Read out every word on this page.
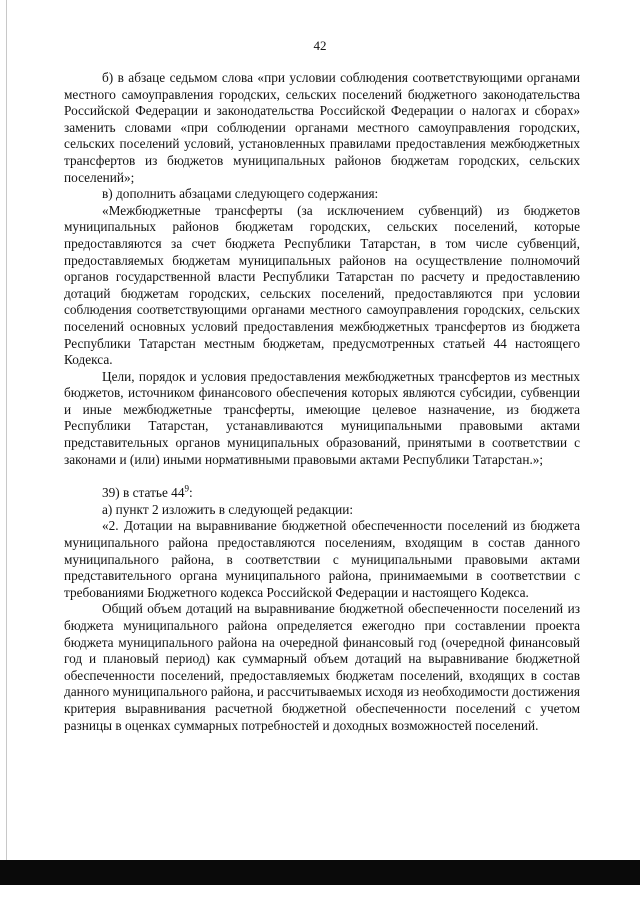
42

б) в абзаце седьмом слова «при условии соблюдения соответствующими органами местного самоуправления городских, сельских поселений бюджетного законодательства Российской Федерации и законодательства Российской Федерации о налогах и сборах» заменить словами «при соблюдении органами местного самоуправления городских, сельских поселений условий, установленных правилами предоставления межбюджетных трансфертов из бюджетов муниципальных районов бюджетам городских, сельских поселений»;

в) дополнить абзацами следующего содержания:

«Межбюджетные трансферты (за исключением субвенций) из бюджетов муниципальных районов бюджетам городских, сельских поселений, которые предоставляются за счет бюджета Республики Татарстан, в том числе субвенций, предоставляемых бюджетам муниципальных районов на осуществление полномочий органов государственной власти Республики Татарстан по расчету и предоставлению дотаций бюджетам городских, сельских поселений, предоставляются при условии соблюдения соответствующими органами местного самоуправления городских, сельских поселений основных условий предоставления межбюджетных трансфертов из бюджета Республики Татарстан местным бюджетам, предусмотренных статьей 44 настоящего Кодекса.

Цели, порядок и условия предоставления межбюджетных трансфертов из местных бюджетов, источником финансового обеспечения которых являются субсидии, субвенции и иные межбюджетные трансферты, имеющие целевое назначение, из бюджета Республики Татарстан, устанавливаются муниципальными правовыми актами представительных органов муниципальных образований, принятыми в соответствии с законами и (или) иными нормативными правовыми актами Республики Татарстан.»;

39) в статье $44^9$:

а) пункт 2 изложить в следующей редакции:

«2. Дотации на выравнивание бюджетной обеспеченности поселений из бюджета муниципального района предоставляются поселениям, входящим в состав данного муниципального района, в соответствии с муниципальными правовыми актами представительного органа муниципального района, принимаемыми в соответствии с требованиями Бюджетного кодекса Российской Федерации и настоящего Кодекса.

Общий объем дотаций на выравнивание бюджетной обеспеченности поселений из бюджета муниципального района определяется ежегодно при составлении проекта бюджета муниципального района на очередной финансовый год (очередной финансовый год и плановый период) как суммарный объем дотаций на выравнивание бюджетной обеспеченности поселений, предоставляемых бюджетам поселений, входящих в состав данного муниципального района, и рассчитываемых исходя из необходимости достижения критерия выравнивания расчетной бюджетной обеспеченности поселений с учетом разницы в оценках суммарных потребностей и доходных возможностей поселений.
